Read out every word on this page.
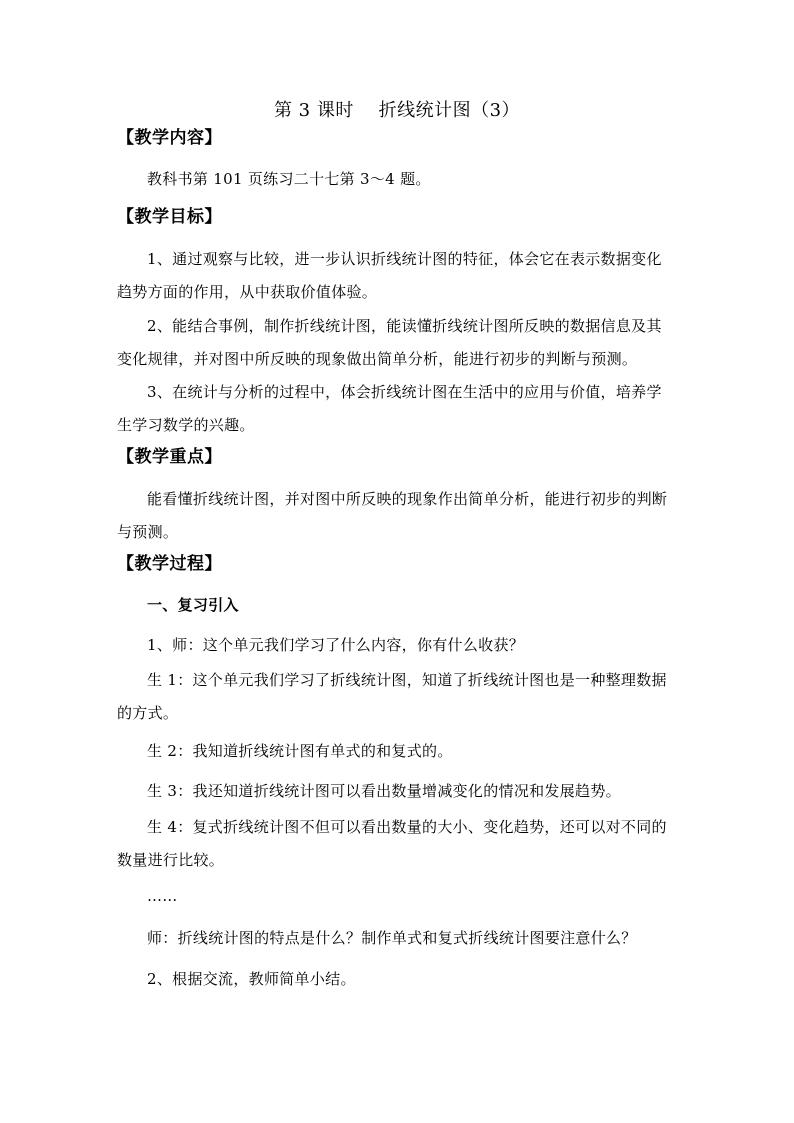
第 3 课时　 折线统计图（3）
【教学内容】
教科书第 101 页练习二十七第 3～4 题。
【教学目标】

1、通过观察与比较，进一步认识折线统计图的特征，体会它在表示数据变化趋势方面的作用，从中获取价值体验。

2、能结合事例，制作折线统计图，能读懂折线统计图所反映的数据信息及其变化规律，并对图中所反映的现象做出简单分析，能进行初步的判断与预测。

3、在统计与分析的过程中，体会折线统计图在生活中的应用与价值，培养学生学习数学的兴趣。

【教学重点】

能看懂折线统计图，并对图中所反映的现象作出简单分析，能进行初步的判断与预测。

【教学过程】
一、复习引入
1、师：这个单元我们学习了什么内容，你有什么收获？

生 1：这个单元我们学习了折线统计图，知道了折线统计图也是一种整理数据的方式。

生 2：我知道折线统计图有单式的和复式的。
生 3：我还知道折线统计图可以看出数量增减变化的情况和发展趋势。

生 4：复式折线统计图不但可以看出数量的大小、变化趋势，还可以对不同的数量进行比较。

……
师：折线统计图的特点是什么？制作单式和复式折线统计图要注意什么？
2、根据交流，教师简单小结。
